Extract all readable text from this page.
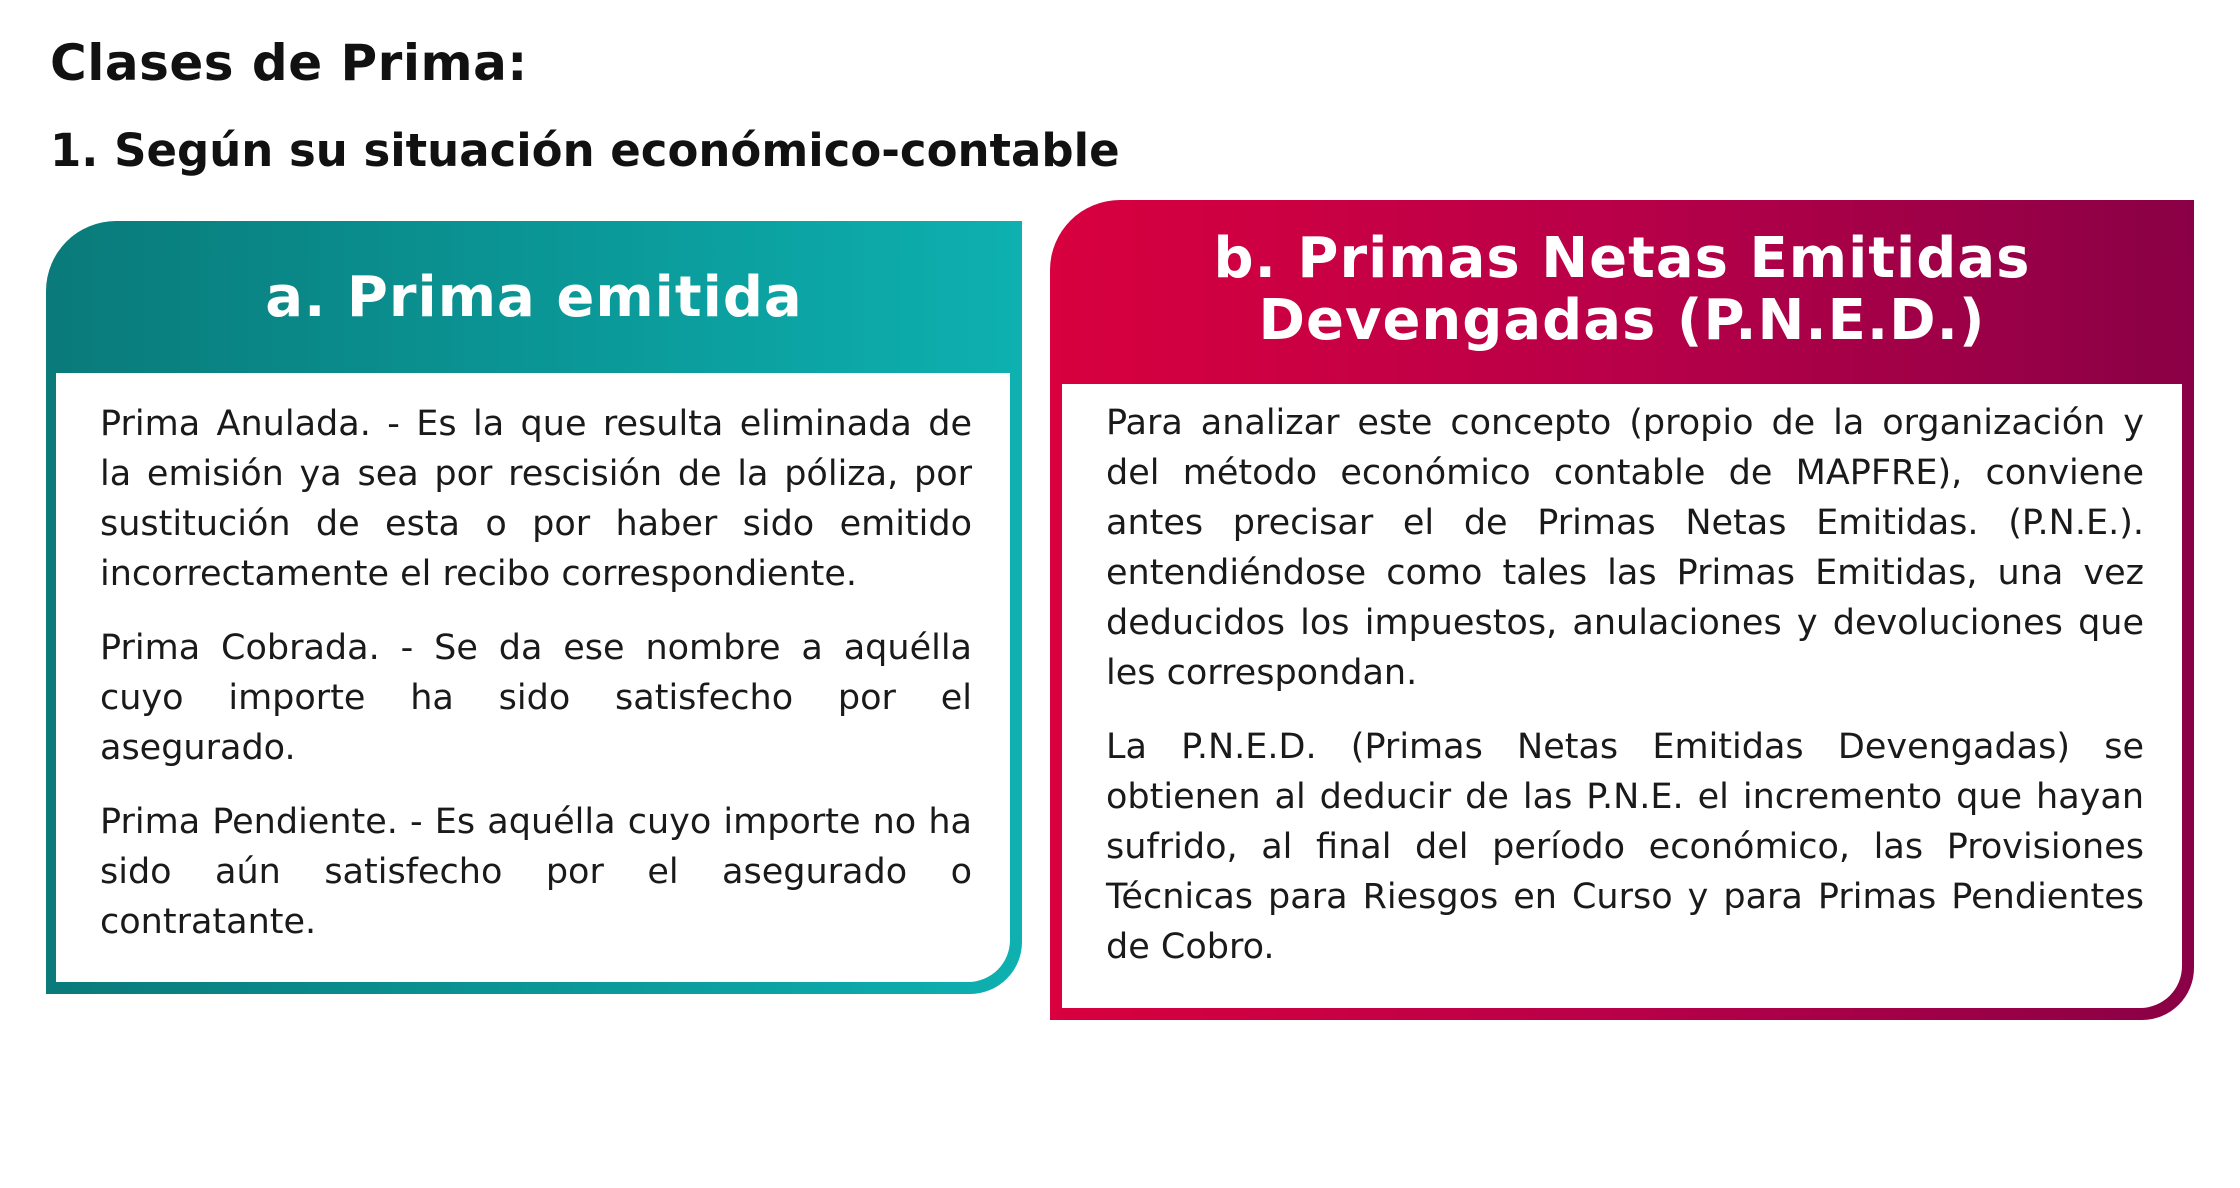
Clases de Prima:
1. Según su situación económico-contable
a. Prima emitida

Prima Anulada. - Es la que resulta eliminada de la emisión ya sea por rescisión de la póliza, por sustitución de esta o por haber sido emitido incorrectamente el recibo correspondiente.

Prima Cobrada. - Se da ese nombre a aquélla cuyo importe ha sido satisfecho por el asegurado.

Prima Pendiente. - Es aquélla cuyo importe no ha sido aún satisfecho por el asegurado o contratante.

b. Primas Netas Emitidas Devengadas (P.N.E.D.)

Para analizar este concepto (propio de la organización y del método económico contable de MAPFRE), conviene antes precisar el de Primas Netas Emitidas. (P.N.E.). entendiéndose como tales las Primas Emitidas, una vez deducidos los impuestos, anulaciones y devoluciones que les correspondan.

La P.N.E.D. (Primas Netas Emitidas Devengadas) se obtienen al deducir de las P.N.E. el incremento que hayan sufrido, al final del período económico, las Provisiones Técnicas para Riesgos en Curso y para Primas Pendientes de Cobro.
